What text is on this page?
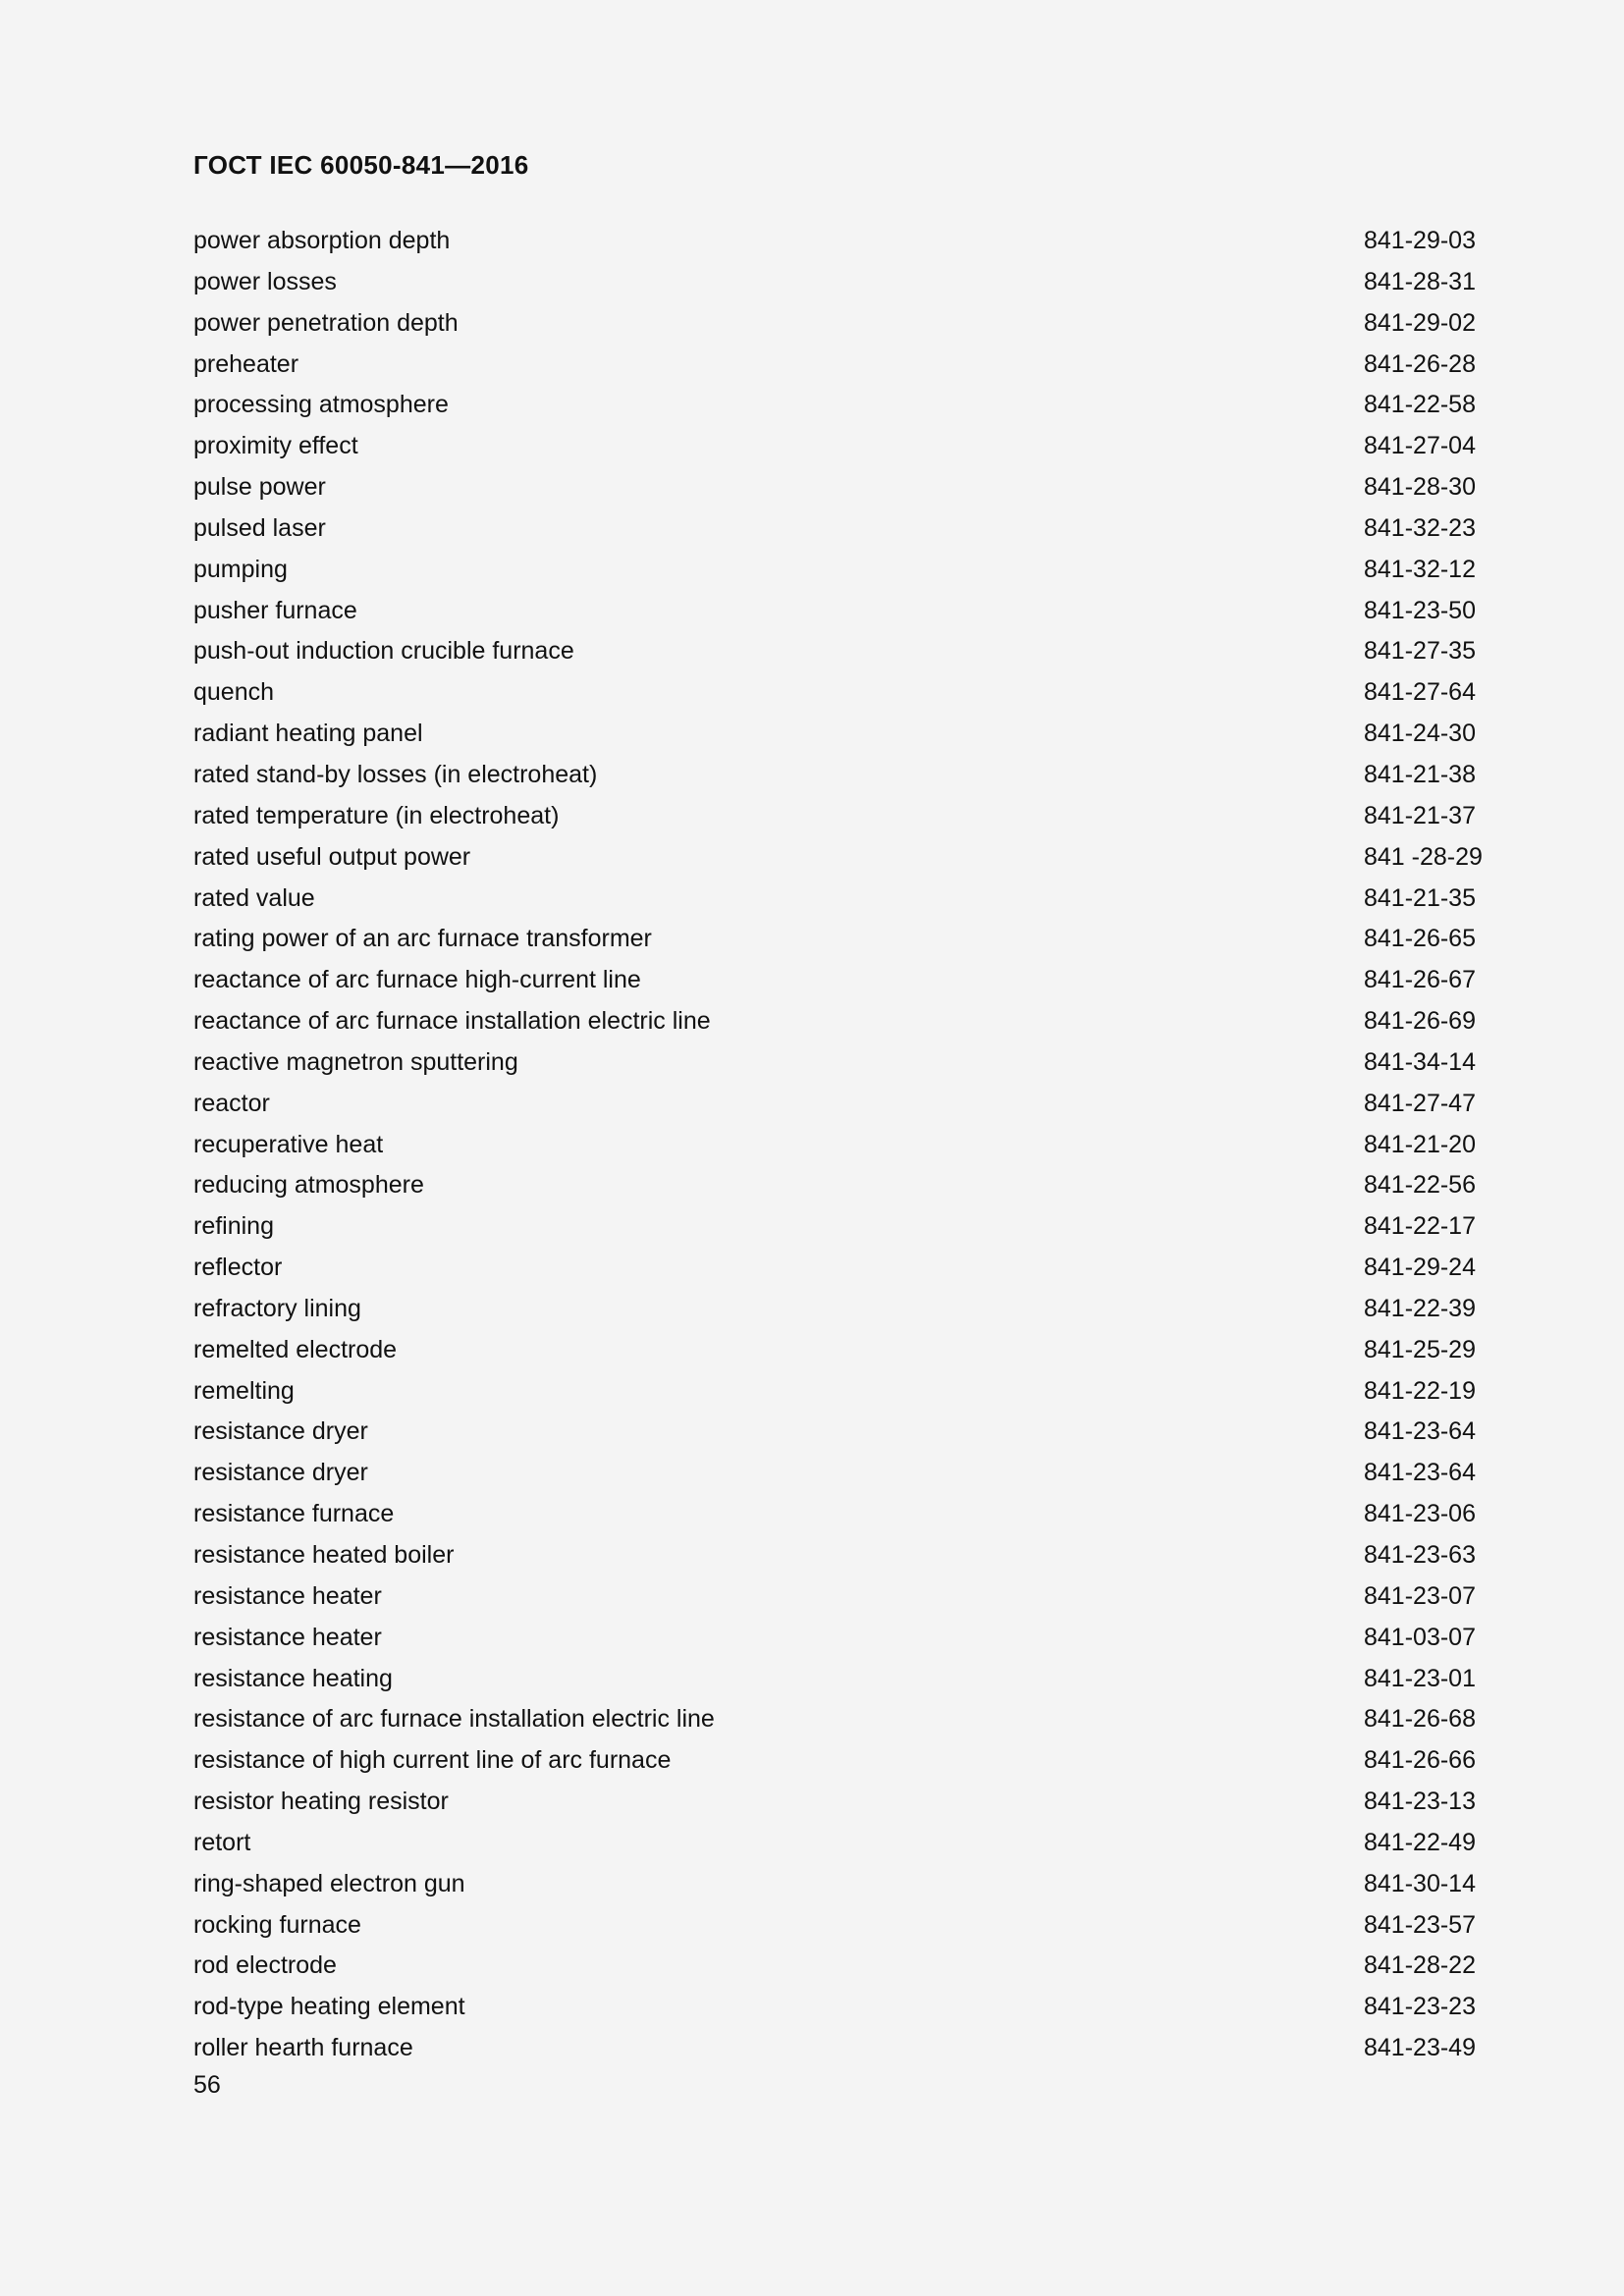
ГОСТ IEC 60050-841—2016
power absorption depth	841-29-03
power losses	841-28-31
power penetration depth	841-29-02
preheater	841-26-28
processing atmosphere	841-22-58
proximity effect	841-27-04
pulse power	841-28-30
pulsed laser	841-32-23
pumping	841-32-12
pusher furnace	841-23-50
push-out induction crucible furnace	841-27-35
quench	841-27-64
radiant heating panel	841-24-30
rated stand-by losses (in electroheat)	841-21-38
rated temperature (in electroheat)	841-21-37
rated useful output power	841 -28-29
rated value	841-21-35
rating power of an arc furnace transformer	841-26-65
reactance of arc furnace high-current line	841-26-67
reactance of arc furnace installation electric line	841-26-69
reactive magnetron sputtering	841-34-14
reactor	841-27-47
recuperative heat	841-21-20
reducing atmosphere	841-22-56
refining	841-22-17
reflector	841-29-24
refractory lining	841-22-39
remelted electrode	841-25-29
remelting	841-22-19
resistance dryer	841-23-64
resistance dryer	841-23-64
resistance furnace	841-23-06
resistance heated boiler	841-23-63
resistance heater	841-23-07
resistance heater	841-03-07
resistance heating	841-23-01
resistance of arc furnace installation electric line	841-26-68
resistance of high current line of arc furnace	841-26-66
resistor heating resistor	841-23-13
retort	841-22-49
ring-shaped electron gun	841-30-14
rocking furnace	841-23-57
rod electrode	841-28-22
rod-type heating element	841-23-23
roller hearth furnace	841-23-49
56
